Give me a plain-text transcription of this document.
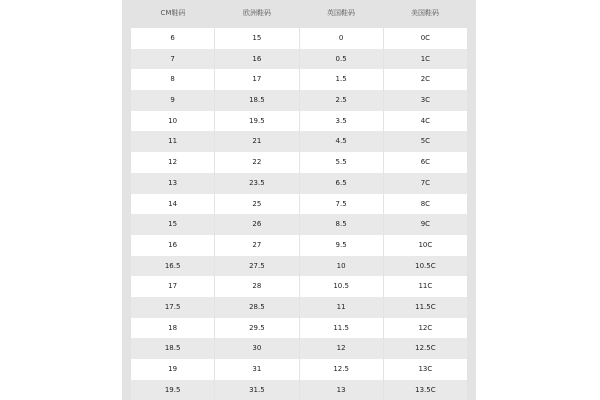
CM鞋码	欧洲鞋码	英国鞋码	美国鞋码
6	15	0	0C
7	16	0.5	1C
8	17	1.5	2C
9	18.5	2.5	3C
10	19.5	3.5	4C
11	21	4.5	5C
12	22	5.5	6C
13	23.5	6.5	7C
14	25	7.5	8C
15	26	8.5	9C
16	27	9.5	10C
16.5	27.5	10	10.5C
17	28	10.5	11C
17.5	28.5	11	11.5C
18	29.5	11.5	12C
18.5	30	12	12.5C
19	31	12.5	13C
19.5	31.5	13	13.5C
